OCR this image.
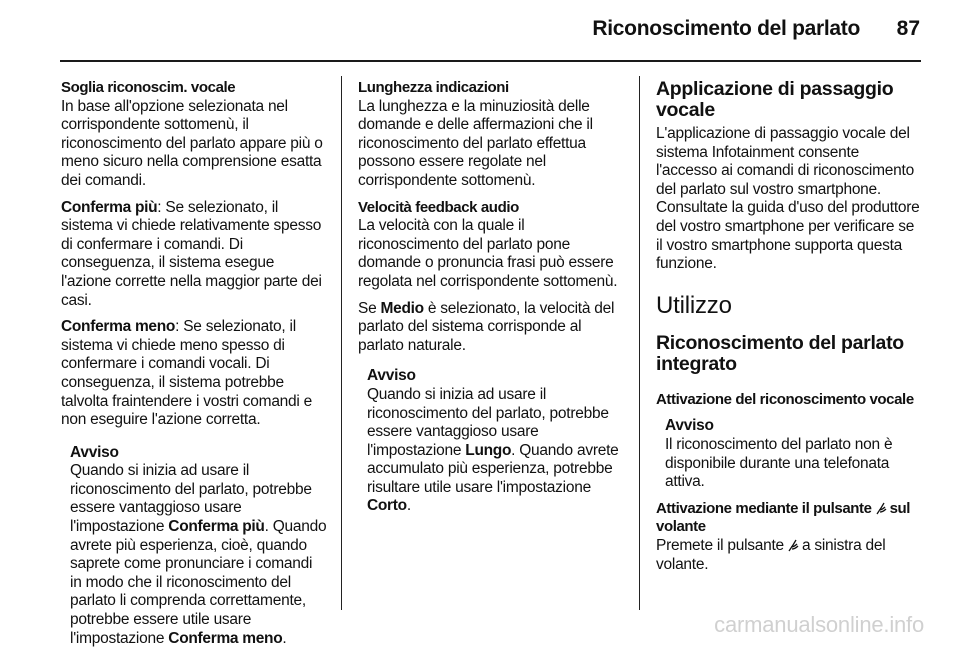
Riconoscimento del parlato	87
Soglia riconoscim. vocale

In base all'opzione selezionata nel corrispondente sottomenù, il riconoscimento del parlato appare più o meno sicuro nella comprensione esatta dei comandi.

Conferma più: Se selezionato, il sistema vi chiede relativamente spesso di confermare i comandi. Di conseguenza, il sistema esegue l'azione corrette nella maggior parte dei casi.

Conferma meno: Se selezionato, il sistema vi chiede meno spesso di confermare i comandi vocali. Di conseguenza, il sistema potrebbe talvolta fraintendere i vostri comandi e non eseguire l'azione corretta.

Avviso
Quando si inizia ad usare il riconoscimento del parlato, potrebbe essere vantaggioso usare l'impostazione Conferma più. Quando avrete più esperienza, cioè, quando saprete come pronunciare i comandi in modo che il riconoscimento del parlato li comprenda correttamente, potrebbe essere utile usare l'impostazione Conferma meno.
Lunghezza indicazioni

La lunghezza e la minuziosità delle domande e delle affermazioni che il riconoscimento del parlato effettua possono essere regolate nel corrispondente sottomenù.

Velocità feedback audio

La velocità con la quale il riconoscimento del parlato pone domande o pronuncia frasi può essere regolata nel corrispondente sottomenù.

Se Medio è selezionato, la velocità del parlato del sistema corrisponde al parlato naturale.

Avviso
Quando si inizia ad usare il riconoscimento del parlato, potrebbe essere vantaggioso usare l'impostazione Lungo. Quando avrete accumulato più esperienza, potrebbe risultare utile usare l'impostazione Corto.
Applicazione di passaggio vocale

L'applicazione di passaggio vocale del sistema Infotainment consente l'accesso ai comandi di riconoscimento del parlato sul vostro smartphone. Consultate la guida d'uso del produttore del vostro smartphone per verificare se il vostro smartphone supporta questa funzione.

Utilizzo
Riconoscimento del parlato integrato
Attivazione del riconoscimento vocale
Avviso
Il riconoscimento del parlato non è disponibile durante una telefonata attiva.
Attivazione mediante il pulsante sul volante

Premete il pulsante a sinistra del volante.

carmanualsonline.info
